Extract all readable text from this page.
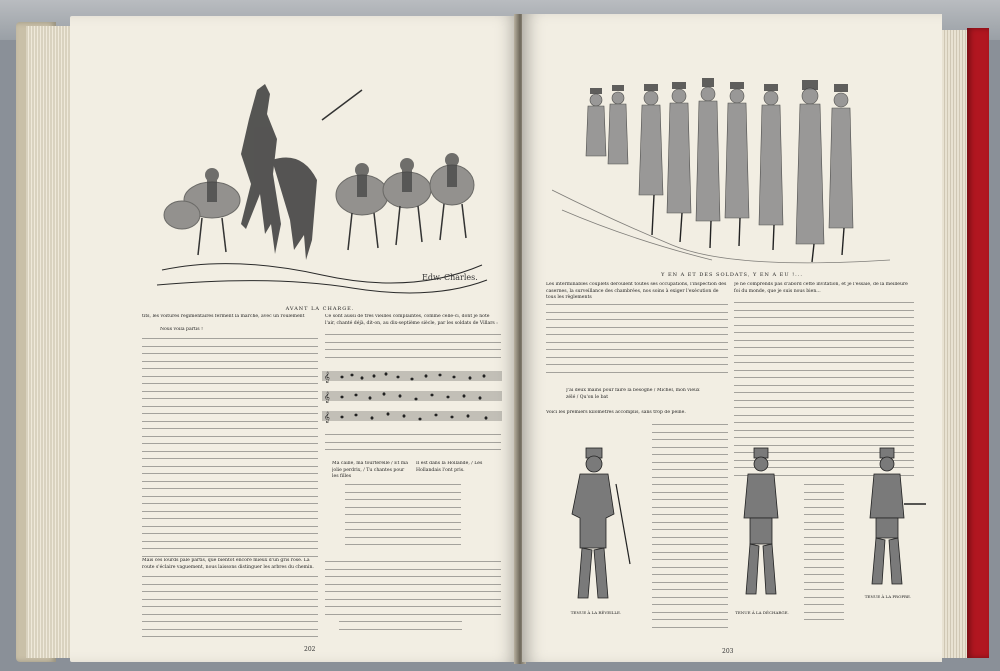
Edw. Charles.
AVANT LA CHARGE.
tits, les voitures régimentaires ferment la marche, avec un roulement
Nous voilà partis !
Mais ces lourds pâle partis, que bientôt encore mieux d'un gris rose. La route s'éclaire vaguement, nous laissons distinguer les arbres du chemin.
Ce sont aussi de très vieilles complaintes, comme celle-ci, dont je note l'air, chanté déjà, dit-on, au dix-septième siècle, par les soldats de Villars :
𝄞
𝄞
𝄞
Ma caille, ma tourterelle / Et ma jolie perdrix, / Tu chantes pour les filles
Il est dans la Hollande, / Les Hollandais l'ont pris.
202
Y EN A ET DES SOLDATS, Y EN A EU !...
Les interminables couplets déroulent toutes ses occupations, l'inspection des casernes, la surveillance des chambrées, nos soins à exiger l'exécution de tous les règlements
J'ai deux mains pour faire la besogne / Michel, mon vieux zélé / Qu'on le bat
Voici les premiers kilomètres accomplis, sans trop de peine.
Je ne comprends pas d'abord cette invitation, et je l'essaie, de la meilleure foi du monde, que je suis nous bien...
TENUE À LA RÉVEILLE.	TENUE À LA DÉCHARGE.
TENUE À LA PROPRE.
203
